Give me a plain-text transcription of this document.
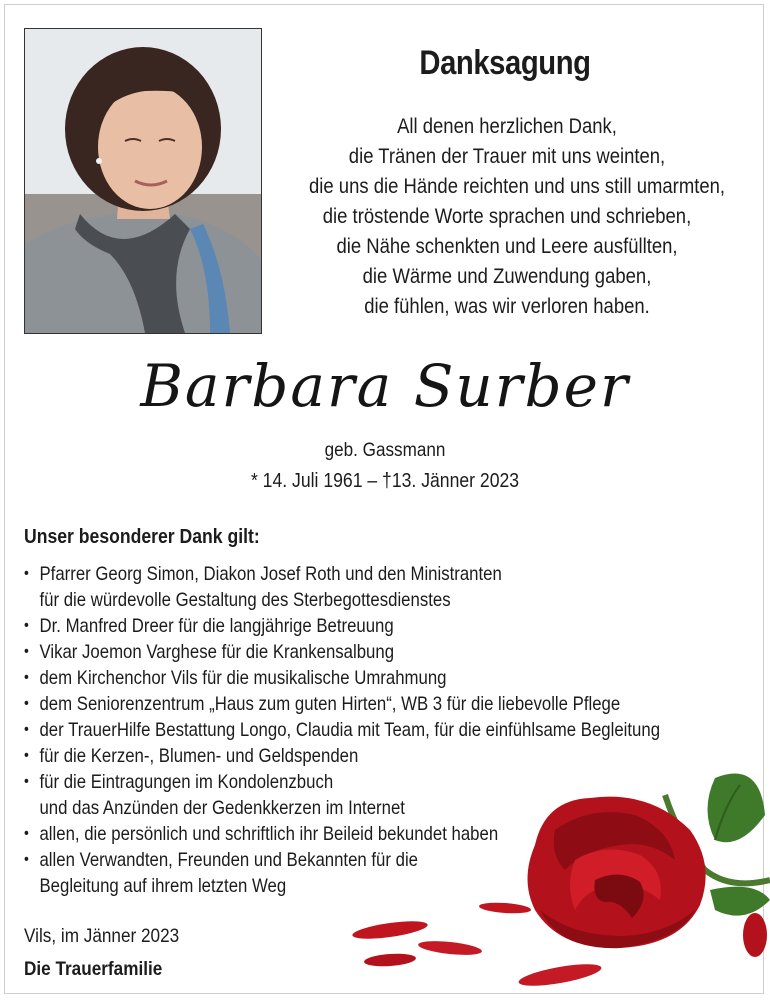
Danksagung
All denen herzlichen Dank,
die Tränen der Trauer mit uns weinten,
die uns die Hände reichten und uns still umarmten,
die tröstende Worte sprachen und schrieben,
die Nähe schenkten und Leere ausfüllten,
die Wärme und Zuwendung gaben,
die fühlen, was wir verloren haben.
Barbara Surber
geb. Gassmann
* 14. Juli 1961 – †13. Jänner 2023
Unser besonderer Dank gilt:
• Pfarrer Georg Simon, Diakon Josef Roth und den Ministranten
für die würdevolle Gestaltung des Sterbegottesdienstes
• Dr. Manfred Dreer für die langjährige Betreuung
• Vikar Joemon Varghese für die Krankensalbung
• dem Kirchenchor Vils für die musikalische Umrahmung
• dem Seniorenzentrum „Haus zum guten Hirten“, WB 3 für die liebevolle Pflege
• der TrauerHilfe Bestattung Longo, Claudia mit Team, für die einfühlsame Begleitung
• für die Kerzen-, Blumen- und Geldspenden
• für die Eintragungen im Kondolenzbuch
und das Anzünden der Gedenkkerzen im Internet
• allen, die persönlich und schriftlich ihr Beileid bekundet haben
• allen Verwandten, Freunden und Bekannten für die
Begleitung auf ihrem letzten Weg
Vils, im Jänner 2023
Die Trauerfamilie
